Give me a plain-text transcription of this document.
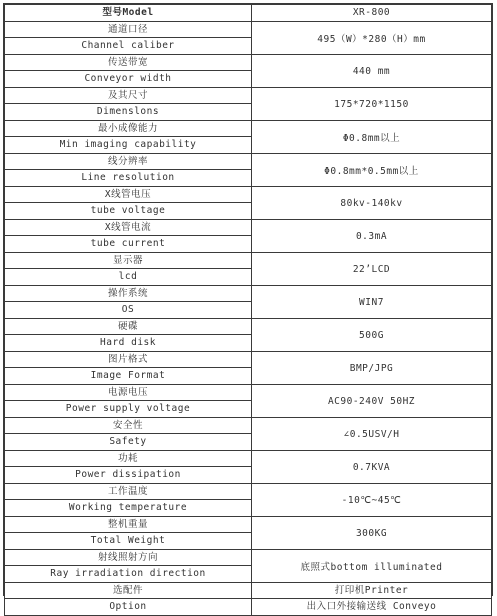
型号Model	XR-800

通道口径
Channel caliber	495（W）*280（H）mm

传送带宽
Conveyor width	440 mm

及其尺寸
Dimenslons	175*720*1150

最小成像能力
Min imaging capability	Φ0.8mm以上

线分辨率
Line resolution	Φ0.8mm*0.5mm以上

X线管电压
tube voltage	80kv-140kv

X线管电流
tube current	0.3mA

显示器
lcd	22’LCD

操作系统
OS	WIN7

硬碟
Hard disk	500G

图片格式
Image Format	BMP/JPG

电源电压
Power supply voltage	AC90-240V 50HZ

安全性
Safety	∠0.5USV/H

功耗
Power dissipation	0.7KVA

工作温度
Working temperature	-10℃~45℃

整机重量
Total Weight	300KG

射线照射方向
Ray irradiation direction	底照式bottom illuminated

选配件
Option	打印机Printer
出入口外接输送线 Conveyo
